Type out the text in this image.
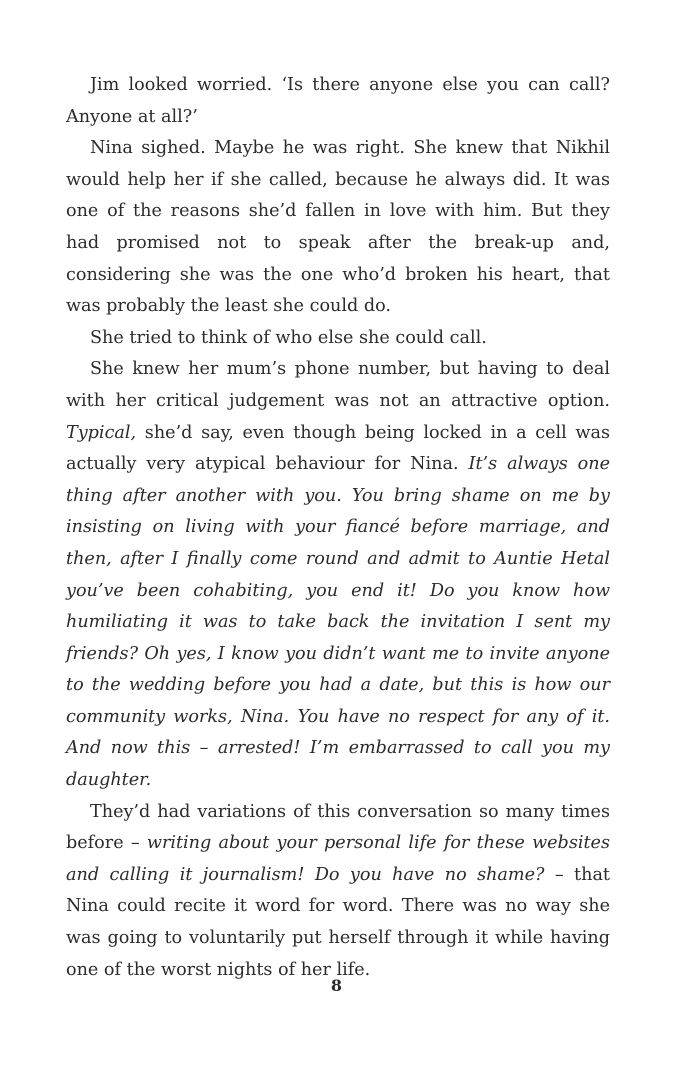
Jim looked worried. ‘Is there anyone else you can call? Anyone at all?’

Nina sighed. Maybe he was right. She knew that Nikhil would help her if she called, because he always did. It was one of the reasons she’d fallen in love with him. But they had promised not to speak after the break-up and, considering she was the one who’d broken his heart, that was probably the least she could do.

She tried to think of who else she could call.

She knew her mum’s phone number, but having to deal with her critical judgement was not an attractive option. Typical, she’d say, even though being locked in a cell was actually very atypical behaviour for Nina. It’s always one thing after another with you. You bring shame on me by insisting on living with your fiancé before marriage, and then, after I finally come round and admit to Auntie Hetal you’ve been cohabiting, you end it! Do you know how humiliating it was to take back the invitation I sent my friends? Oh yes, I know you didn’t want me to invite anyone to the wedding before you had a date, but this is how our community works, Nina. You have no respect for any of it. And now this – arrested! I’m embarrassed to call you my daughter.

They’d had variations of this conversation so many times before – writing about your personal life for these websites and calling it journalism! Do you have no shame? – that Nina could recite it word for word. There was no way she was going to voluntarily put herself through it while having one of the worst nights of her life.

8
